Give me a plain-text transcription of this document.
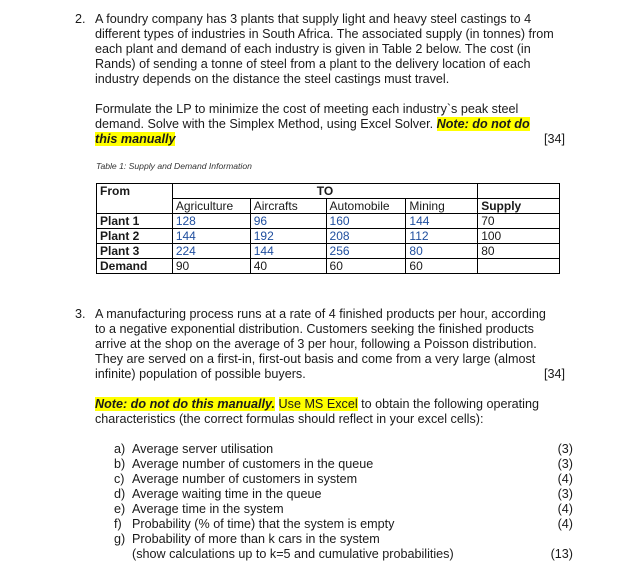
2. A foundry company has 3 plants that supply light and heavy steel castings to 4
different types of industries in South Africa. The associated supply (in tonnes) from
each plant and demand of each industry is given in Table 2 below. The cost (in
Rands) of sending a tonne of steel from a plant to the delivery location of each
industry depends on the distance the steel castings must travel.
Formulate the LP to minimize the cost of meeting each industry`s peak steel
demand. Solve with the Simplex Method, using Excel Solver. Note: do not do
this manually	[34]
Table 1: Supply and Demand Information
From	TO				
	Agriculture	Aircrafts	Automobile	Mining	Supply
Plant 1	128	96	160	144	70
Plant 2	144	192	208	112	100
Plant 3	224	144	256	80	80
Demand	90	40	60	60	
3. A manufacturing process runs at a rate of 4 finished products per hour, according
to a negative exponential distribution. Customers seeking the finished products
arrive at the shop on the average of 3 per hour, following a Poisson distribution.
They are served on a first-in, first-out basis and come from a very large (almost
infinite) population of possible buyers.	[34]
Note: do not do this manually. Use MS Excel to obtain the following operating
characteristics (the correct formulas should reflect in your excel cells):
a) Average server utilisation	(3)
b) Average number of customers in the queue	(3)
c) Average number of customers in system	(4)
d) Average waiting time in the queue	(3)
e) Average time in the system	(4)
f) Probability (% of time) that the system is empty	(4)
g) Probability of more than k cars in the system
(show calculations up to k=5 and cumulative probabilities)	(13)
